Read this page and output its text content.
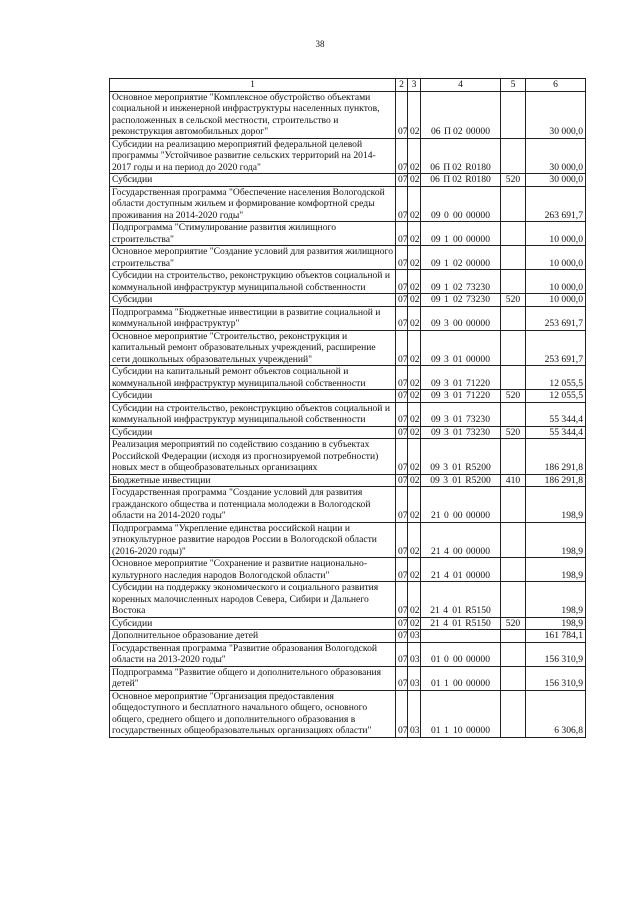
38
1	2	3	4	5	6
Основное мероприятие "Комплексное обустройство объектами социальной и инженерной инфраструктуры населенных пунктов, расположенных в сельской местности, строительство и реконструкция автомобильных дорог"	07	02	06 П 02 00000		30 000,0
Субсидии на реализацию мероприятий федеральной целевой программы "Устойчивое развитие сельских территорий на 2014-2017 годы и на период до 2020 года"	07	02	06 П 02 R0180		30 000,0
Субсидии	07	02	06 П 02 R0180	520	30 000,0
Государственная программа "Обеспечение населения Вологодской области доступным жильем и формирование комфортной среды проживания на 2014-2020 годы"	07	02	09 0 00 00000		263 691,7
Подпрограмма "Стимулирование развития жилищного строительства"	07	02	09 1 00 00000		10 000,0
Основное мероприятие "Создание условий для развития жилищного строительства"	07	02	09 1 02 00000		10 000,0
Субсидии на строительство, реконструкцию объектов социальной и коммунальной инфраструктур муниципальной собственности	07	02	09 1 02 73230		10 000,0
Субсидии	07	02	09 1 02 73230	520	10 000,0
Подпрограмма "Бюджетные инвестиции в развитие социальной и коммунальной инфраструктур"	07	02	09 3 00 00000		253 691,7
Основное мероприятие "Строительство, реконструкция и капитальный ремонт образовательных учреждений, расширение сети дошкольных образовательных учреждений"	07	02	09 3 01 00000		253 691,7
Субсидии на капитальный ремонт объектов социальной и коммунальной инфраструктур муниципальной собственности	07	02	09 3 01 71220		12 055,5
Субсидии	07	02	09 3 01 71220	520	12 055,5
Субсидии на строительство, реконструкцию объектов социальной и коммунальной инфраструктур муниципальной собственности	07	02	09 3 01 73230		55 344,4
Субсидии	07	02	09 3 01 73230	520	55 344,4
Реализация мероприятий по содействию созданию в субъектах Российской Федерации (исходя из прогнозируемой потребности) новых мест в общеобразовательных организациях	07	02	09 3 01 R5200		186 291,8
Бюджетные инвестиции	07	02	09 3 01 R5200	410	186 291,8
Государственная программа "Создание условий для развития гражданского общества и потенциала молодежи в Вологодской области на 2014-2020 годы"	07	02	21 0 00 00000		198,9
Подпрограмма "Укрепление единства российской нации и этнокультурное развитие народов России в Вологодской области (2016-2020 годы)"	07	02	21 4 00 00000		198,9
Основное мероприятие "Сохранение и развитие национально-культурного наследия народов Вологодской области"	07	02	21 4 01 00000		198,9
Субсидии на поддержку экономического и социального развития коренных малочисленных народов Севера, Сибири и Дальнего Востока	07	02	21 4 01 R5150		198,9
Субсидии	07	02	21 4 01 R5150	520	198,9
Дополнительное образование детей	07	03			161 784,1
Государственная программа "Развитие образования Вологодской области на 2013-2020 годы"	07	03	01 0 00 00000		156 310,9
Подпрограмма "Развитие общего и дополнительного образования детей"	07	03	01 1 00 00000		156 310,9
Основное мероприятие "Организация предоставления общедоступного и бесплатного начального общего, основного общего, среднего общего и дополнительного образования в государственных общеобразовательных организациях области"	07	03	01 1 10 00000		6 306,8
